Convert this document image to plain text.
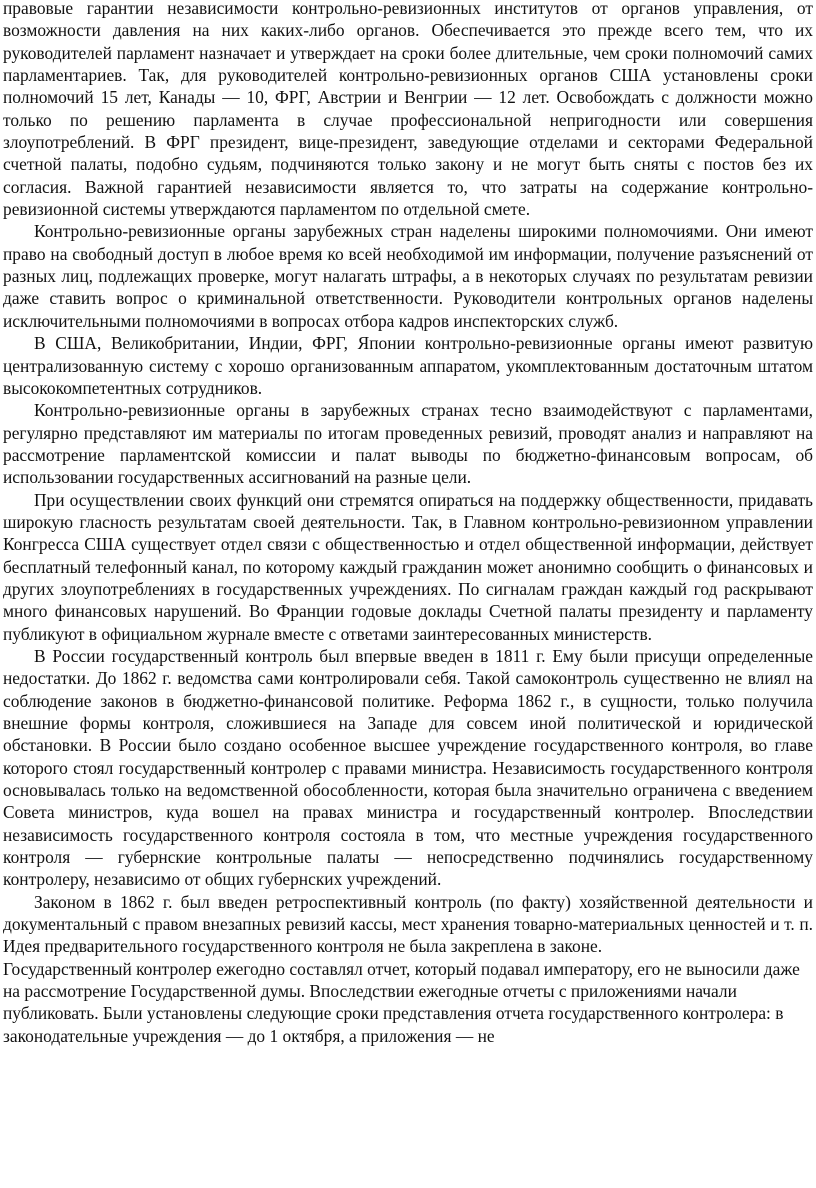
правовые гарантии независимости контрольно-ревизионных институтов от органов управления, от возможности давления на них каких-либо органов. Обеспечивается это прежде всего тем, что их руководителей парламент назначает и утверждает на сроки более длительные, чем сроки полномочий самих парламентариев. Так, для руководителей контрольно-ревизионных органов США установлены сроки полномочий 15 лет, Канады — 10, ФРГ, Австрии и Венгрии — 12 лет. Освобождать с должности можно только по решению парламента в случае профессиональной непригодности или совершения злоупотреблений. В ФРГ президент, вице-президент, заведующие отделами и секторами Федеральной счетной палаты, подобно судьям, подчиняются только закону и не могут быть сняты с постов без их согласия. Важной гарантией независимости является то, что затраты на содержание контрольно-ревизионной системы утверждаются парламентом по отдельной смете.

Контрольно-ревизионные органы зарубежных стран наделены широкими полномочиями. Они имеют право на свободный доступ в любое время ко всей необходимой им информации, получение разъяснений от разных лиц, подлежащих проверке, могут налагать штрафы, а в некоторых случаях по результатам ревизии даже ставить вопрос о криминальной ответственности. Руководители контрольных органов наделены исключительными полномочиями в вопросах отбора кадров инспекторских служб.

В США, Великобритании, Индии, ФРГ, Японии контрольно-ревизионные органы имеют развитую централизованную систему с хорошо организованным аппаратом, укомплектованным достаточным штатом высококомпетентных сотрудников.

Контрольно-ревизионные органы в зарубежных странах тесно взаимодействуют с парламентами, регулярно представляют им материалы по итогам проведенных ревизий, проводят анализ и направляют на рассмотрение парламентской комиссии и палат выводы по бюджетно-финансовым вопросам, об использовании государственных ассигнований на разные цели.

При осуществлении своих функций они стремятся опираться на поддержку общественности, придавать широкую гласность результатам своей деятельности. Так, в Главном контрольно-ревизионном управлении Конгресса США существует отдел связи с общественностью и отдел общественной информации, действует бесплатный телефонный канал, по которому каждый гражданин может анонимно сообщить о финансовых и других злоупотреблениях в государственных учреждениях. По сигналам граждан каждый год раскрывают много финансовых нарушений. Во Франции годовые доклады Счетной палаты президенту и парламенту публикуют в официальном журнале вместе с ответами заинтересованных министерств.

В России государственный контроль был впервые введен в 1811 г. Ему были присущи определенные недостатки. До 1862 г. ведомства сами контролировали себя. Такой самоконтроль существенно не влиял на соблюдение законов в бюджетно-финансовой политике. Реформа 1862 г., в сущности, только получила внешние формы контроля, сложившиеся на Западе для совсем иной политической и юридической обстановки. В России было создано особенное высшее учреждение государственного контроля, во главе которого стоял государственный контролер с правами министра. Независимость государственного контроля основывалась только на ведомственной обособленности, которая была значительно ограничена с введением Совета министров, куда вошел на правах министра и государственный контролер. Впоследствии независимость государственного контроля состояла в том, что местные учреждения государственного контроля — губернские контрольные палаты — непосредственно подчинялись государственному контролеру, независимо от общих губернских учреждений.

Законом в 1862 г. был введен ретроспективный контроль (по факту) хозяйственной деятельности и документальный с правом внезапных ревизий кассы, мест хранения товарно-материальных ценностей и т. п. Идея предварительного государственного контроля не была закреплена в законе.

Государственный контролер ежегодно составлял отчет, который подавал императору, его не выносили даже на рассмотрение Государственной думы. Впоследствии ежегодные отчеты с приложениями начали публиковать. Были установлены следующие сроки представления отчета государственного контролера: в законодательные учреждения — до 1 октября, а приложения — не
